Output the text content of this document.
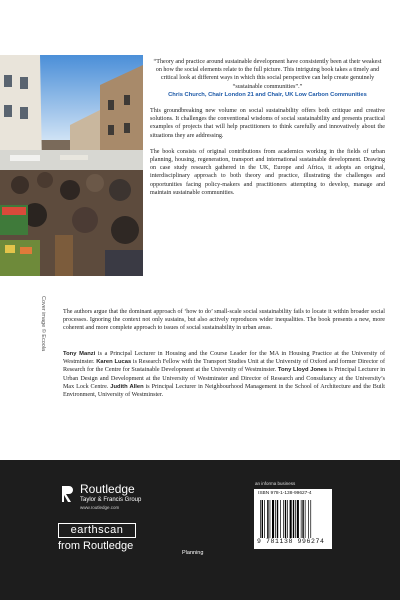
Cover image © Ecoola

“Theory and practice around sustainable development have consistently been at their weakest on how the social elements relate to the full picture. This intriguing book takes a timely and critical look at different ways in which this social perspective can help create genuinely “sustainable communities”.”

Chris Church, Chair London 21 and Chair, UK Low Carbon Communities

This groundbreaking new volume on social sustainability offers both critique and creative solutions. It challenges the conventional wisdoms of social sustainability and presents practical examples of projects that will help practitioners to think carefully and innovatively about the situations they are addressing.

The book consists of original contributions from academics working in the fields of urban planning, housing, regeneration, transport and international sustainable development. Drawing on case study research gathered in the UK, Europe and Africa, it adopts an original, interdisciplinary approach to both theory and practice, illustrating the challenges and opportunities facing policy-makers and practitioners attempting to develop, manage and maintain sustainable communities.

The authors argue that the dominant approach of ‘how to do’ small-scale social sustainability fails to locate it within broader social processes. Ignoring the context not only sustains, but also actively reproduces wider inequalities. The book presents a new, more coherent and more complete approach to issues of social sustainability in urban areas.
Tony Manzi is a Principal Lecturer in Housing and the Course Leader for the MA in Housing Practice at the University of Westminster. Karen Lucas is Research Fellow with the Transport Studies Unit at the University of Oxford and former Director of Research for the Centre for Sustainable Development at the University of Westminster. Tony Lloyd Jones is Principal Lecturer in Urban Design and Development at the University of Westminster and Director of Research and Consultancy at the University’s Max Lock Centre. Judith Allen is Principal Lecturer in Neighbourhood Management in the School of Architecture and the Built Environment, University of Westminster.
Routledge
Taylor & Francis Group
www.routledge.com
earthscan
from Routledge
Planning
an informa business
ISBN 978-1-138-99627-4
9 781138 996274
